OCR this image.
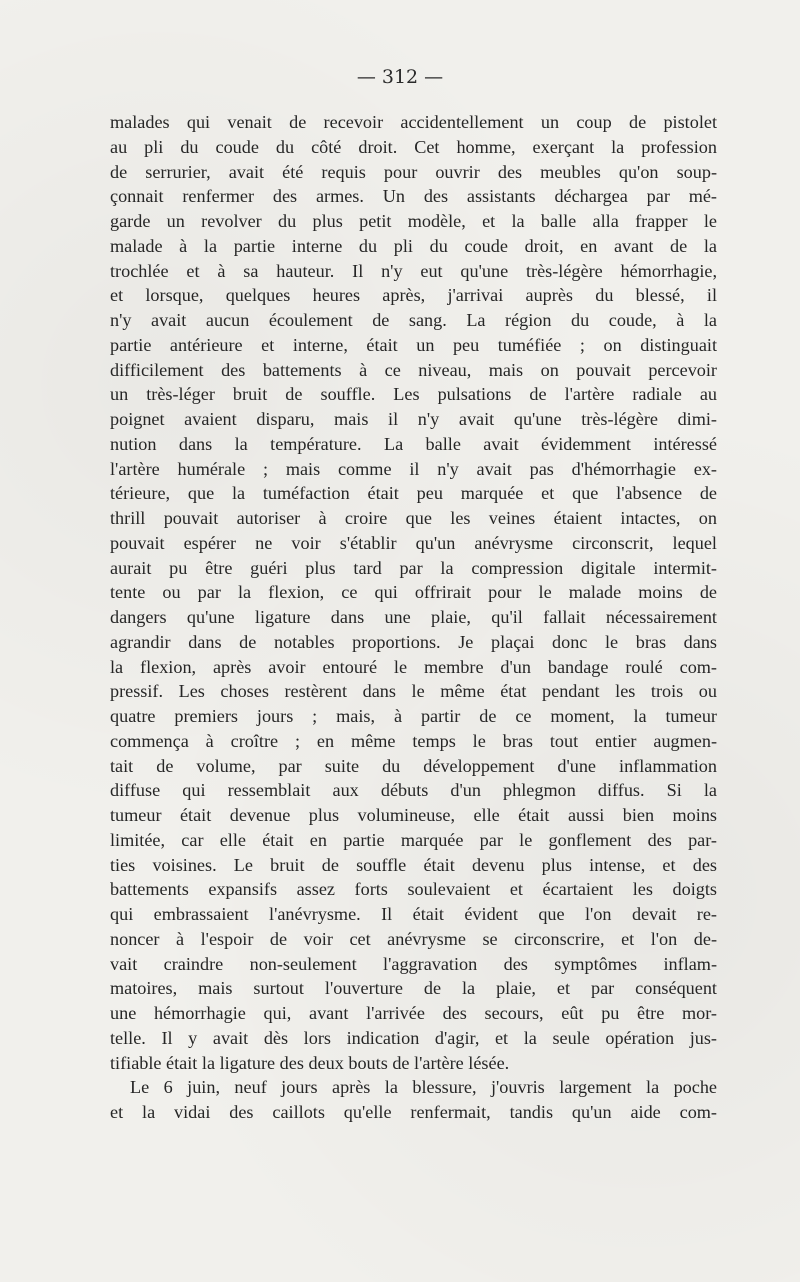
— 312 —
malades qui venait de recevoir accidentellement un coup de pistolet
au pli du coude du côté droit. Cet homme, exerçant la profession
de serrurier, avait été requis pour ouvrir des meubles qu'on soup-
çonnait renfermer des armes. Un des assistants déchargea par mé-
garde un revolver du plus petit modèle, et la balle alla frapper le
malade à la partie interne du pli du coude droit, en avant de la
trochlée et à sa hauteur. Il n'y eut qu'une très-légère hémorrhagie,
et lorsque, quelques heures après, j'arrivai auprès du blessé, il
n'y avait aucun écoulement de sang. La région du coude, à la
partie antérieure et interne, était un peu tuméfiée ; on distinguait
difficilement des battements à ce niveau, mais on pouvait percevoir
un très-léger bruit de souffle. Les pulsations de l'artère radiale au
poignet avaient disparu, mais il n'y avait qu'une très-légère dimi-
nution dans la température. La balle avait évidemment intéressé
l'artère humérale ; mais comme il n'y avait pas d'hémorrhagie ex-
térieure, que la tuméfaction était peu marquée et que l'absence de
thrill pouvait autoriser à croire que les veines étaient intactes, on
pouvait espérer ne voir s'établir qu'un anévrysme circonscrit, lequel
aurait pu être guéri plus tard par la compression digitale intermit-
tente ou par la flexion, ce qui offrirait pour le malade moins de
dangers qu'une ligature dans une plaie, qu'il fallait nécessairement
agrandir dans de notables proportions. Je plaçai donc le bras dans
la flexion, après avoir entouré le membre d'un bandage roulé com-
pressif. Les choses restèrent dans le même état pendant les trois ou
quatre premiers jours ; mais, à partir de ce moment, la tumeur
commença à croître ; en même temps le bras tout entier augmen-
tait de volume, par suite du développement d'une inflammation
diffuse qui ressemblait aux débuts d'un phlegmon diffus. Si la
tumeur était devenue plus volumineuse, elle était aussi bien moins
limitée, car elle était en partie marquée par le gonflement des par-
ties voisines. Le bruit de souffle était devenu plus intense, et des
battements expansifs assez forts soulevaient et écartaient les doigts
qui embrassaient l'anévrysme. Il était évident que l'on devait re-
noncer à l'espoir de voir cet anévrysme se circonscrire, et l'on de-
vait craindre non-seulement l'aggravation des symptômes inflam-
matoires, mais surtout l'ouverture de la plaie, et par conséquent
une hémorrhagie qui, avant l'arrivée des secours, eût pu être mor-
telle. Il y avait dès lors indication d'agir, et la seule opération jus-
tifiable était la ligature des deux bouts de l'artère lésée.
Le 6 juin, neuf jours après la blessure, j'ouvris largement la poche
et la vidai des caillots qu'elle renfermait, tandis qu'un aide com-
